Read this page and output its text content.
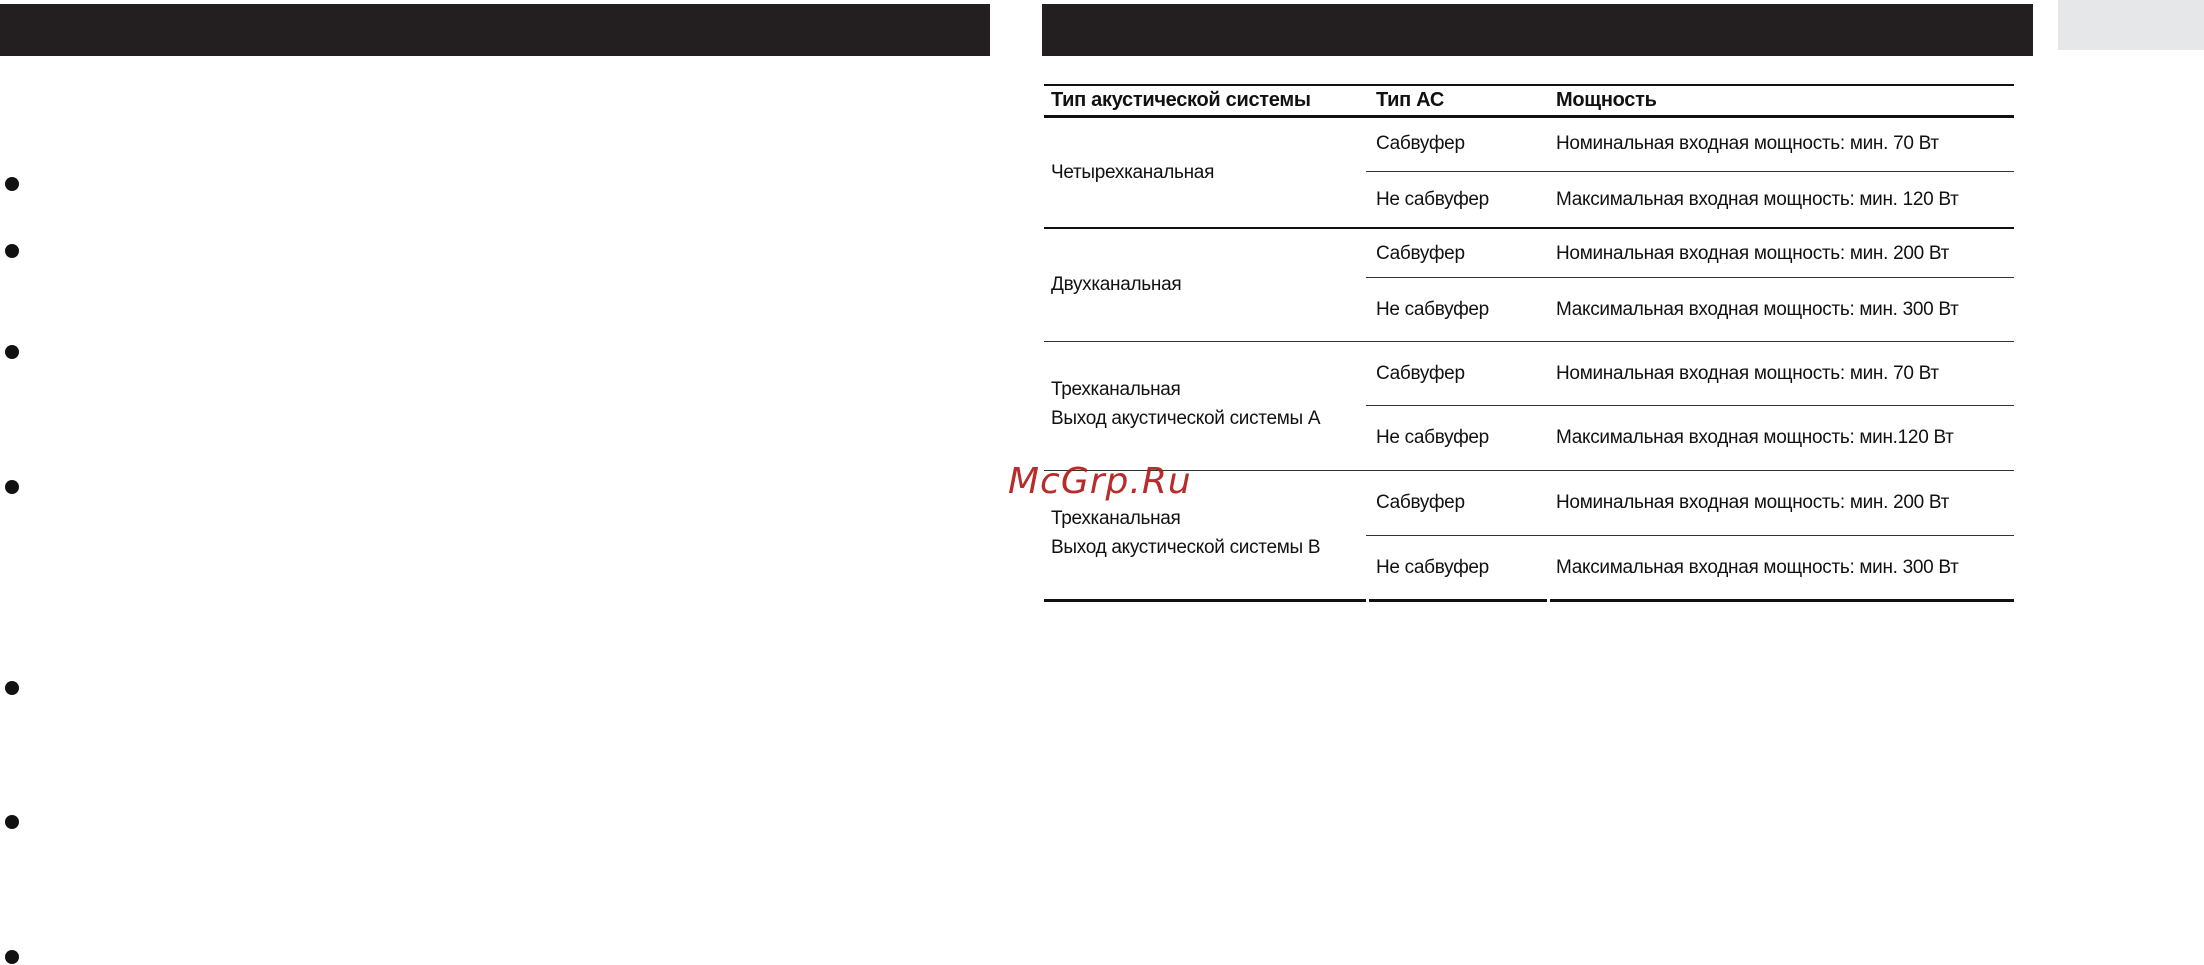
Тип акустической системы	Тип АС	Мощность
Четырехканальная
Сабвуфер	Номинальная входная мощность: мин. 70 Вт
Не сабвуфер	Максимальная входная мощность: мин. 120 Вт
Двухканальная
Сабвуфер	Номинальная входная мощность: мин. 200 Вт
Не сабвуфер	Максимальная входная мощность: мин. 300 Вт
Трехканальная
Выход акустической системы A
Сабвуфер	Номинальная входная мощность: мин. 70 Вт
Не сабвуфер	Максимальная входная мощность: мин.120 Вт
Трехканальная
Выход акустической системы B
Сабвуфер	Номинальная входная мощность: мин. 200 Вт
Не сабвуфер	Максимальная входная мощность: мин. 300 Вт
McGrp.Ru
